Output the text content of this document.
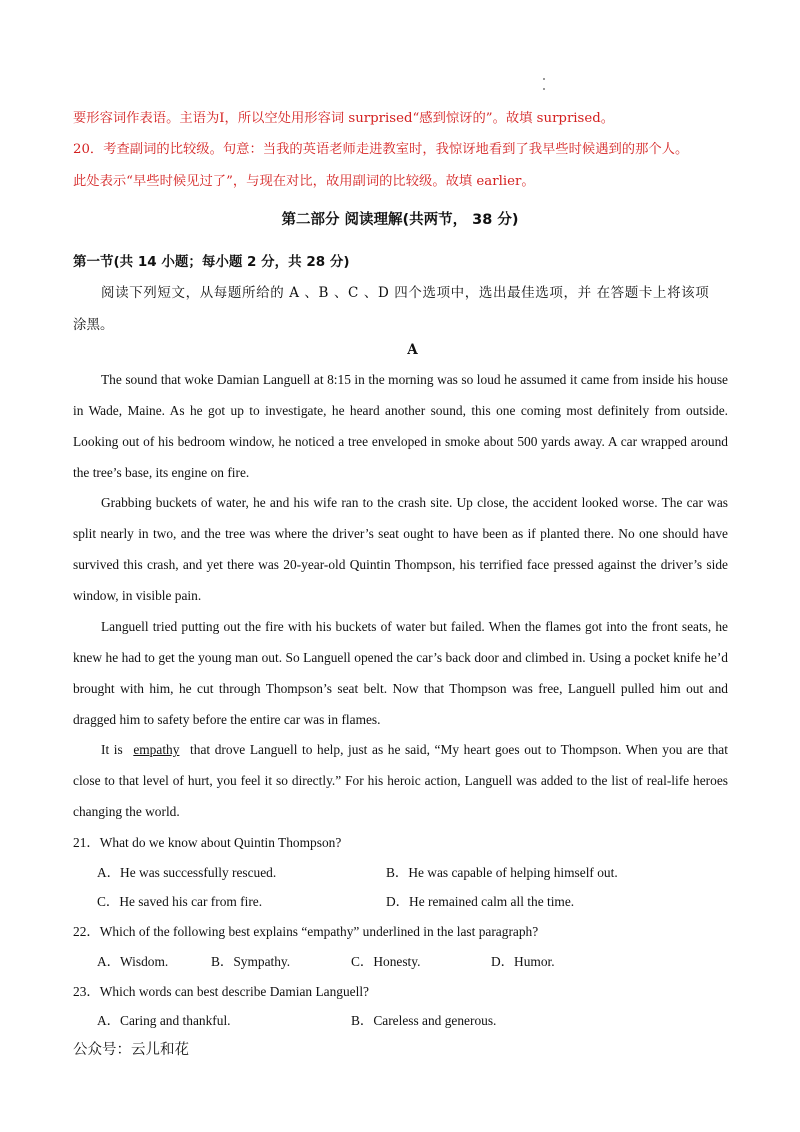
要形容词作表语。主语为I，所以空处用形容词 surprised“感到惊讶的”。故填 surprised。
20．考查副词的比较级。句意：当我的英语老师走进教室时，我惊讶地看到了我早些时候遇到的那个人。
此处表示“早些时候见过了”，与现在对比，故用副词的比较级。故填 earlier。
第二部分 阅读理解(共两节， 38 分)
第一节(共 14 小题；每小题 2 分，共 28 分)
阅读下列短文，从每题所给的 A 、B 、C 、D 四个选项中，选出最佳选项，并 在答题卡上将该项
涂黑。
A

The sound that woke Damian Languell at 8:15 in the morning was so loud he assumed it came from inside his house in Wade, Maine. As he got up to investigate, he heard another sound, this one coming most definitely from outside. Looking out of his bedroom window, he noticed a tree enveloped in smoke about 500 yards away. A car wrapped around the tree’s base, its engine on fire.

Grabbing buckets of water, he and his wife ran to the crash site. Up close, the accident looked worse. The car was split nearly in two, and the tree was where the driver’s seat ought to have been as if planted there. No one should have survived this crash, and yet there was 20-year-old Quintin Thompson, his terrified face pressed against the driver’s side window, in visible pain.

Languell tried putting out the fire with his buckets of water but failed. When the flames got into the front seats, he knew he had to get the young man out. So Languell opened the car’s back door and climbed in. Using a pocket knife he’d brought with him, he cut through Thompson’s seat belt. Now that Thompson was free, Languell pulled him out and dragged him to safety before the entire car was in flames.

It is empathy that drove Languell to help, just as he said, “My heart goes out to Thompson. When you are that close to that level of hurt, you feel it so directly.” For his heroic action, Languell was added to the list of real-life heroes changing the world.

21．What do we know about Quintin Thompson?
A．He was successfully rescued.	B．He was capable of helping himself out.
C．He saved his car from fire.	D．He remained calm all the time.
22．Which of the following best explains “empathy” underlined in the last paragraph?
A．Wisdom.	B．Sympathy.	C．Honesty.	D．Humor.
23．Which words can best describe Damian Languell?
A．Caring and thankful.	B．Careless and generous.
公众号：云儿和花
